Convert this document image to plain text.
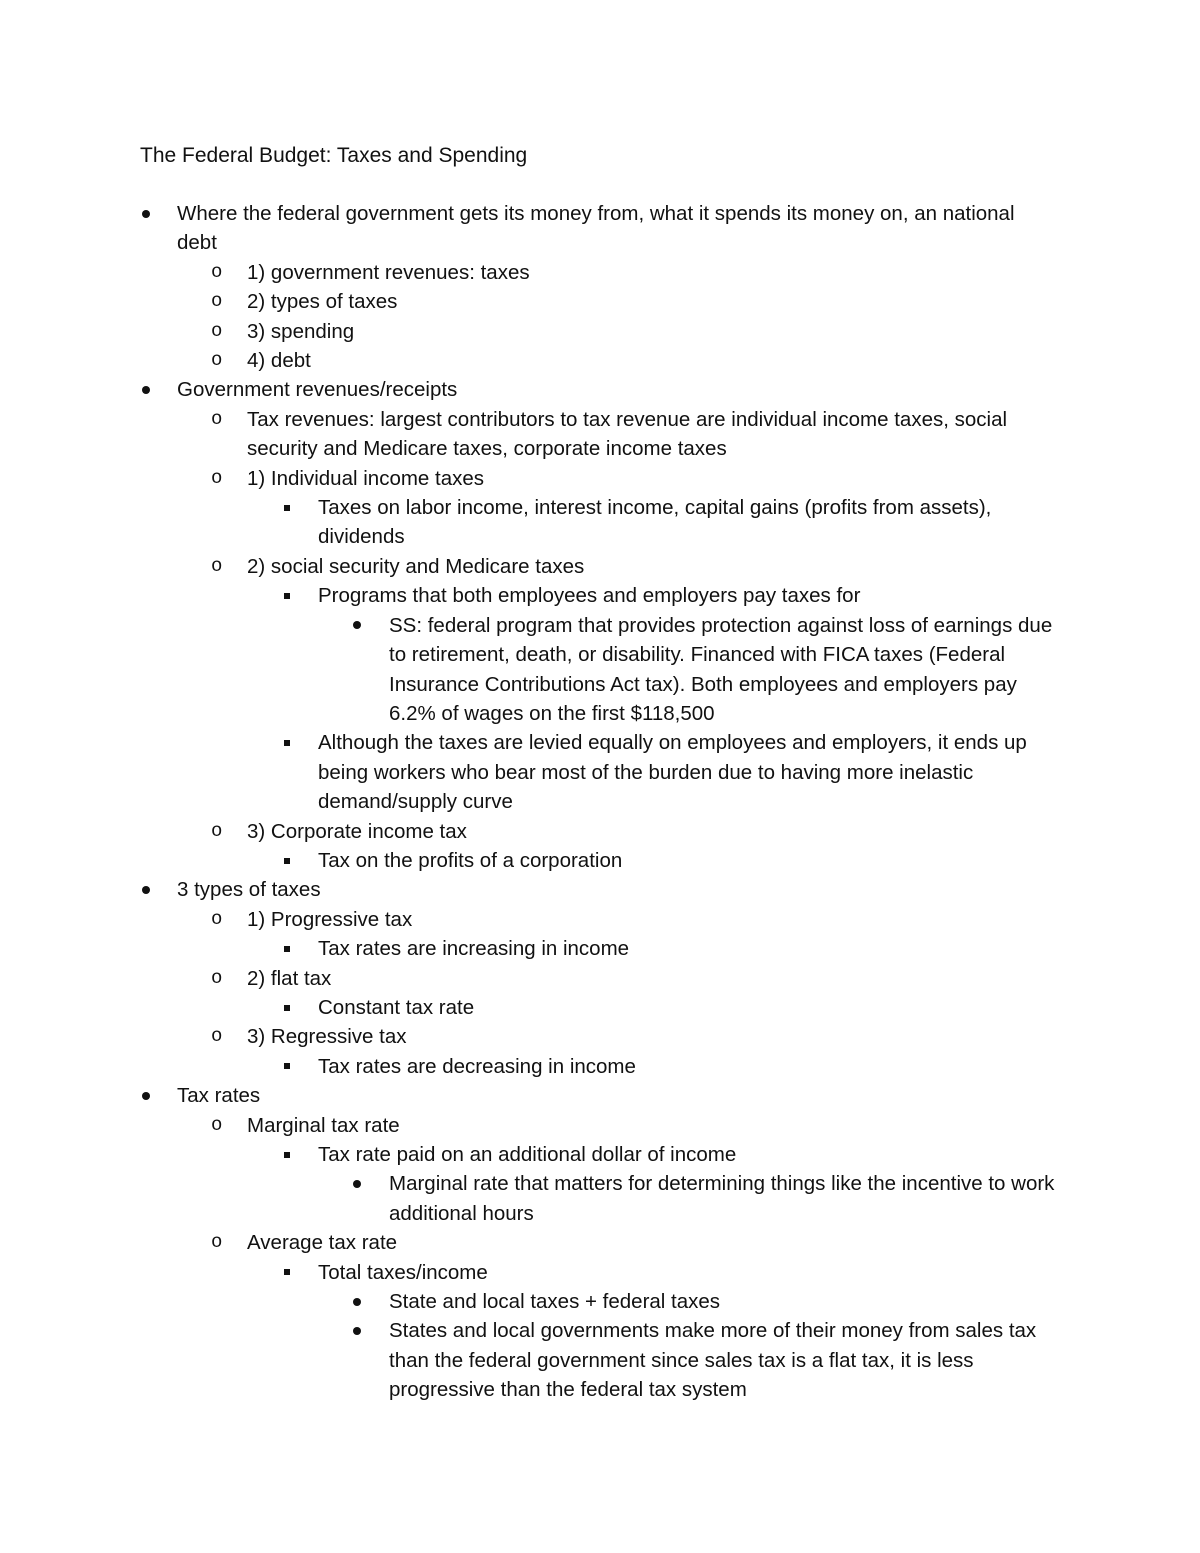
The Federal Budget: Taxes and Spending
Where the federal government gets its money from, what it spends its money on, an national debt
o 1) government revenues: taxes
o 2) types of taxes
o 3) spending
o 4) debt
Government revenues/receipts
o Tax revenues: largest contributors to tax revenue are individual income taxes, social security and Medicare taxes, corporate income taxes
o 1) Individual income taxes
Taxes on labor income, interest income, capital gains (profits from assets), dividends
o 2) social security and Medicare taxes
Programs that both employees and employers pay taxes for
SS: federal program that provides protection against loss of earnings due to retirement, death, or disability. Financed with FICA taxes (Federal Insurance Contributions Act tax). Both employees and employers pay 6.2% of wages on the first $118,500
Although the taxes are levied equally on employees and employers, it ends up being workers who bear most of the burden due to having more inelastic demand/supply curve
o 3) Corporate income tax
Tax on the profits of a corporation
3 types of taxes
o 1) Progressive tax
Tax rates are increasing in income
o 2) flat tax
Constant tax rate
o 3) Regressive tax
Tax rates are decreasing in income
Tax rates
o Marginal tax rate
Tax rate paid on an additional dollar of income
Marginal rate that matters for determining things like the incentive to work additional hours
o Average tax rate
Total taxes/income
State and local taxes + federal taxes
States and local governments make more of their money from sales tax than the federal government since sales tax is a flat tax, it is less progressive than the federal tax system
